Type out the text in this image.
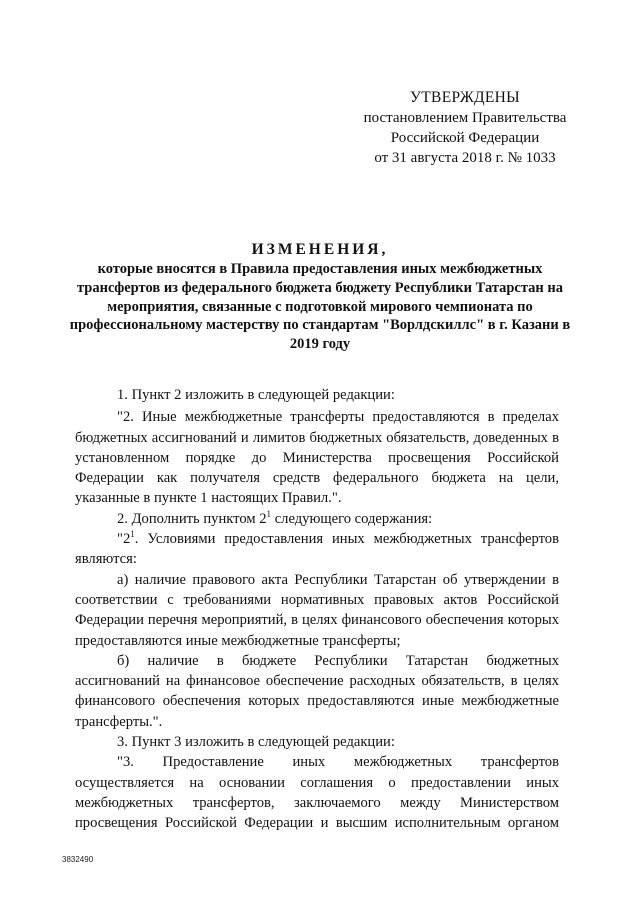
УТВЕРЖДЕНЫ
постановлением Правительства
Российской Федерации
от 31 августа 2018 г. № 1033
ИЗМЕНЕНИЯ,
которые вносятся в Правила предоставления иных межбюджетных трансфертов из федерального бюджета бюджету Республики Татарстан на мероприятия, связанные с подготовкой мирового чемпионата по профессиональному мастерству по стандартам "Ворлдскиллс" в г. Казани в 2019 году

1. Пункт 2 изложить в следующей редакции:

"2. Иные межбюджетные трансферты предоставляются в пределах бюджетных ассигнований и лимитов бюджетных обязательств, доведенных в установленном порядке до Министерства просвещения Российской Федерации как получателя средств федерального бюджета на цели, указанные в пункте 1 настоящих Правил.".

2. Дополнить пунктом $2^1$ следующего содержания:

"$2^1$. Условиями предоставления иных межбюджетных трансфертов являются:

а) наличие правового акта Республики Татарстан об утверждении в соответствии с требованиями нормативных правовых актов Российской Федерации перечня мероприятий, в целях финансового обеспечения которых предоставляются иные межбюджетные трансферты;

б) наличие в бюджете Республики Татарстан бюджетных ассигнований на финансовое обеспечение расходных обязательств, в целях финансового обеспечения которых предоставляются иные межбюджетные трансферты.".

3. Пункт 3 изложить в следующей редакции:

"3. Предоставление иных межбюджетных трансфертов осуществляется на основании соглашения о предоставлении иных межбюджетных трансфертов, заключаемого между Министерством просвещения Российской Федерации и высшим исполнительным органом

3832490
